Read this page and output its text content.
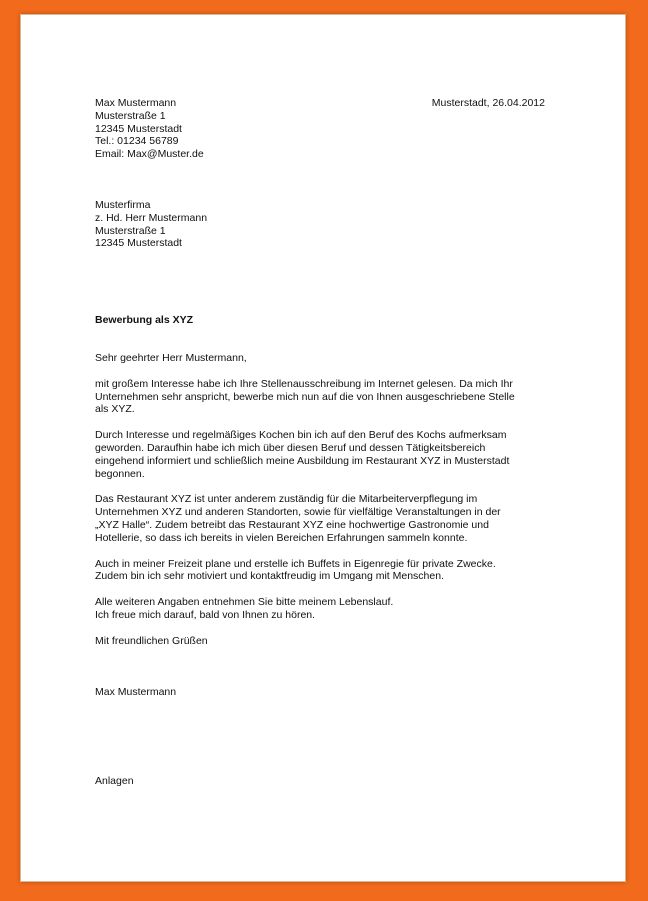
Musterstadt, 26.04.2012
Max Mustermann
Musterstraße 1
12345 Musterstadt
Tel.: 01234 56789
Email: Max@Muster.de
Musterfirma
z. Hd. Herr Mustermann
Musterstraße 1
12345 Musterstadt
Bewerbung als XYZ
Sehr geehrter Herr Mustermann,
mit großem Interesse habe ich Ihre Stellenausschreibung im Internet gelesen. Da mich Ihr
Unternehmen sehr anspricht, bewerbe mich nun auf die von Ihnen ausgeschriebene Stelle
als XYZ.
Durch Interesse und regelmäßiges Kochen bin ich auf den Beruf des Kochs aufmerksam
geworden. Daraufhin habe ich mich über diesen Beruf und dessen Tätigkeitsbereich
eingehend informiert und schließlich meine Ausbildung im Restaurant XYZ in Musterstadt
begonnen.
Das Restaurant XYZ ist unter anderem zuständig für die Mitarbeiterverpflegung im
Unternehmen XYZ und anderen Standorten, sowie für vielfältige Veranstaltungen in der
„XYZ Halle“. Zudem betreibt das Restaurant XYZ eine hochwertige Gastronomie und
Hotellerie, so dass ich bereits in vielen Bereichen Erfahrungen sammeln konnte.
Auch in meiner Freizeit plane und erstelle ich Buffets in Eigenregie für private Zwecke.
Zudem bin ich sehr motiviert und kontaktfreudig im Umgang mit Menschen.
Alle weiteren Angaben entnehmen Sie bitte meinem Lebenslauf.
Ich freue mich darauf, bald von Ihnen zu hören.
Mit freundlichen Grüßen
Max Mustermann
Anlagen
